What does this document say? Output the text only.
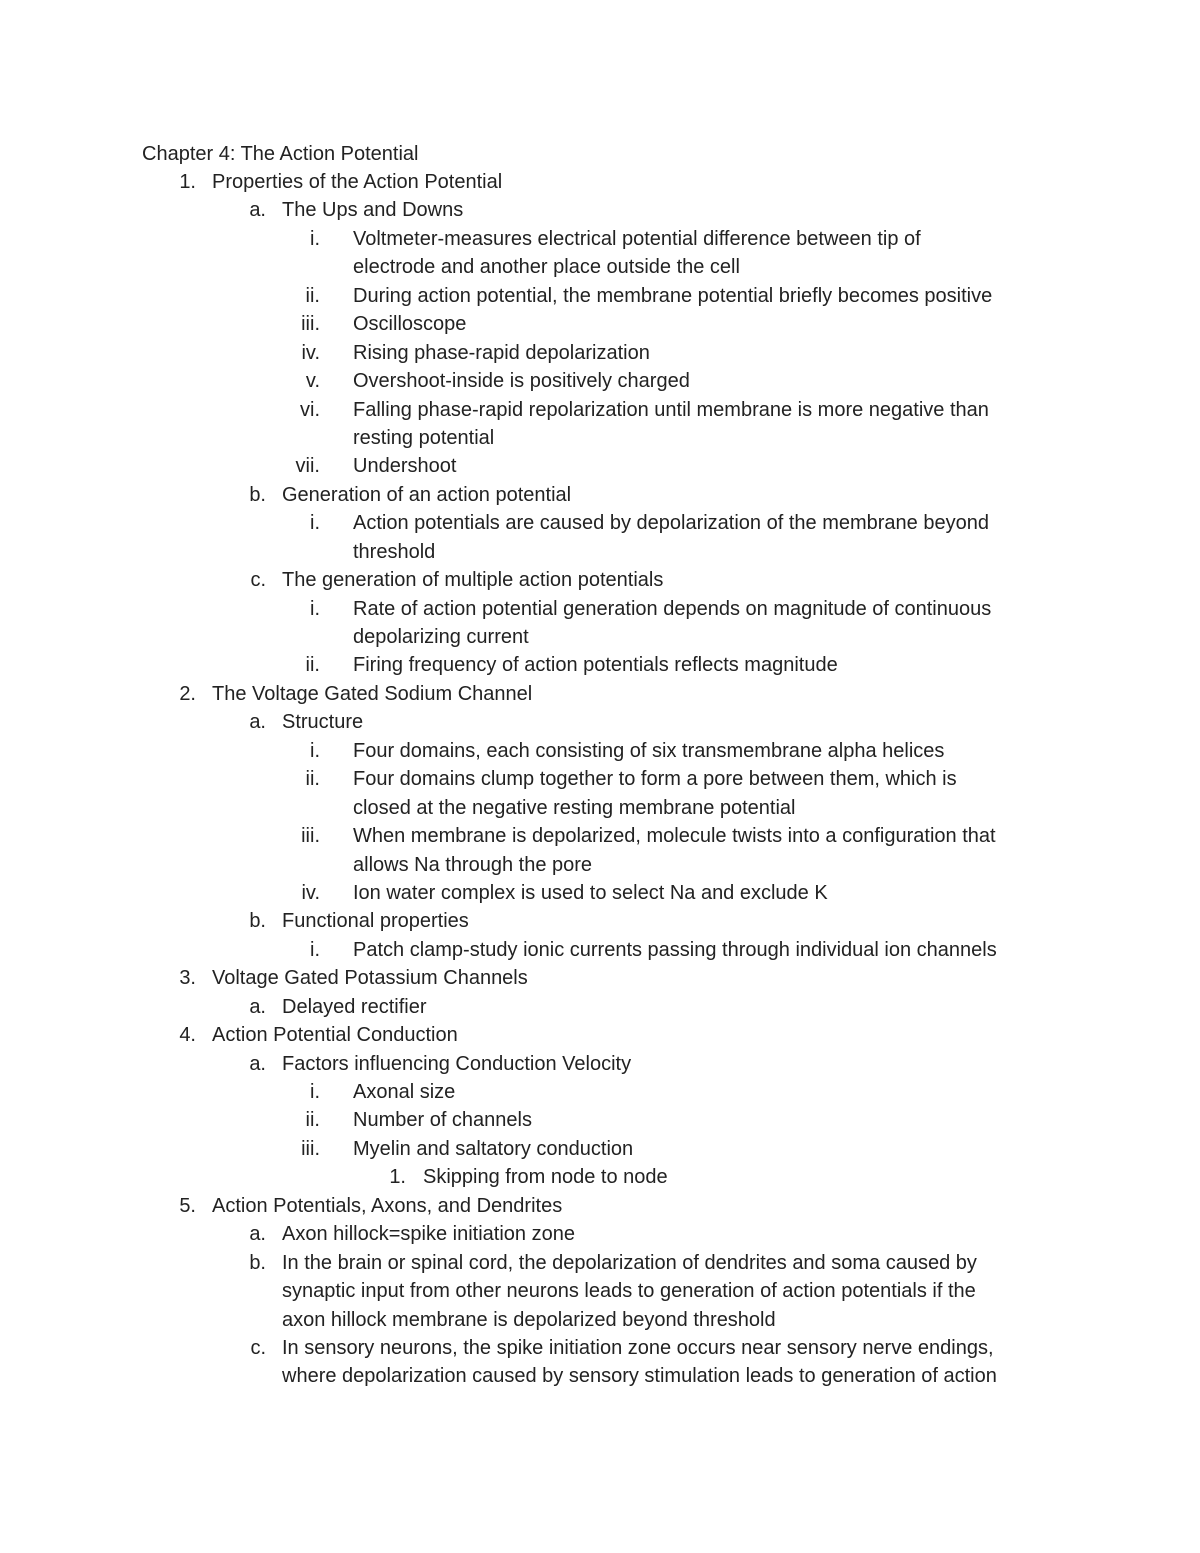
Chapter 4: The Action Potential
1. Properties of the Action Potential
a. The Ups and Downs
i. Voltmeter-measures electrical potential difference between tip of
electrode and another place outside the cell
ii. During action potential, the membrane potential briefly becomes positive
iii. Oscilloscope
iv. Rising phase-rapid depolarization
v. Overshoot-inside is positively charged
vi. Falling phase-rapid repolarization until membrane is more negative than
resting potential
vii. Undershoot
b. Generation of an action potential
i. Action potentials are caused by depolarization of the membrane beyond
threshold
c. The generation of multiple action potentials
i. Rate of action potential generation depends on magnitude of continuous
depolarizing current
ii. Firing frequency of action potentials reflects magnitude
2. The Voltage Gated Sodium Channel
a. Structure
i. Four domains, each consisting of six transmembrane alpha helices
ii. Four domains clump together to form a pore between them, which is
closed at the negative resting membrane potential
iii. When membrane is depolarized, molecule twists into a configuration that
allows Na through the pore
iv. Ion water complex is used to select Na and exclude K
b. Functional properties
i. Patch clamp-study ionic currents passing through individual ion channels
3. Voltage Gated Potassium Channels
a. Delayed rectifier
4. Action Potential Conduction
a. Factors influencing Conduction Velocity
i. Axonal size
ii. Number of channels
iii. Myelin and saltatory conduction
1. Skipping from node to node
5. Action Potentials, Axons, and Dendrites
a. Axon hillock=spike initiation zone
b. In the brain or spinal cord, the depolarization of dendrites and soma caused by
synaptic input from other neurons leads to generation of action potentials if the
axon hillock membrane is depolarized beyond threshold
c. In sensory neurons, the spike initiation zone occurs near sensory nerve endings,
where depolarization caused by sensory stimulation leads to generation of action
